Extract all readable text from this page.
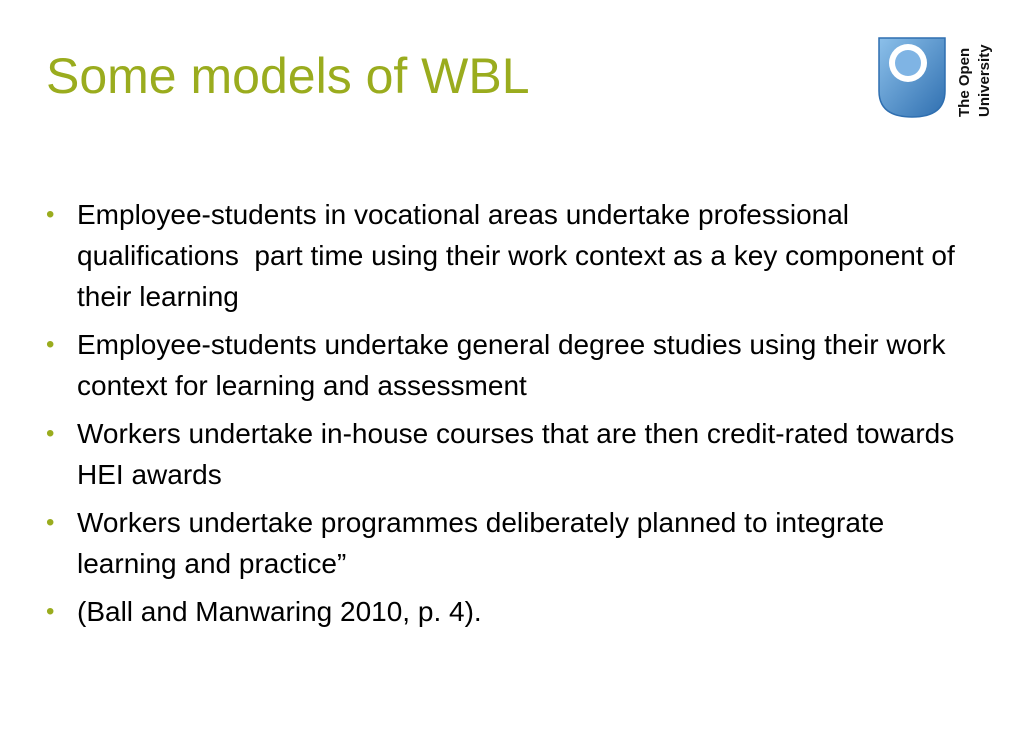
Some models of WBL	The Open University
• Employee-students in vocational areas undertake professional qualifications  part time using their work context as a key component of their learning
• Employee-students undertake general degree studies using their work context for learning and assessment
• Workers undertake in-house courses that are then credit-rated towards HEI awards
• Workers undertake programmes deliberately planned to integrate learning and practice”
• (Ball and Manwaring 2010, p. 4).
